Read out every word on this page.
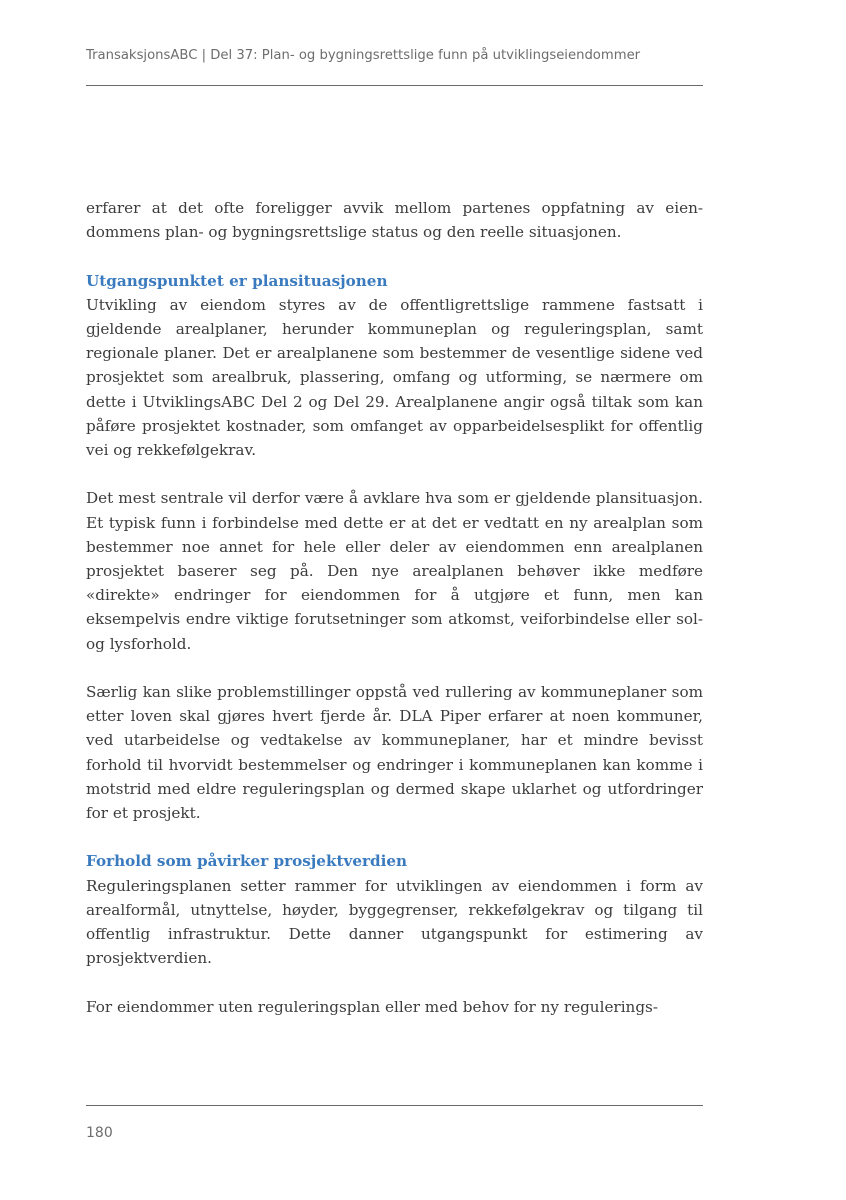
TransaksjonsABC | Del 37: Plan- og bygningsrettslige funn på utviklingseiendommer

erfarer at det ofte foreligger avvik mellom partenes oppfatning av eiendommens plan- og bygningsrettslige status og den reelle situasjonen.

Utgangspunktet er plansituasjonen

Utvikling av eiendom styres av de offentligrettslige rammene fastsatt i gjeldende arealplaner, herunder kommuneplan og reguleringsplan, samt regionale planer. Det er arealplanene som bestemmer de vesentlige sidene ved prosjektet som arealbruk, plassering, omfang og utforming, se nærmere om dette i UtviklingsABC Del 2 og Del 29. Arealplanene angir også tiltak som kan påføre prosjektet kostnader, som omfanget av opparbeidelsesplikt for offentlig vei og rekkefølgekrav.

Det mest sentrale vil derfor være å avklare hva som er gjeldende plansituasjon. Et typisk funn i forbindelse med dette er at det er vedtatt en ny arealplan som bestemmer noe annet for hele eller deler av eiendommen enn arealplanen prosjektet baserer seg på. Den nye arealplanen behøver ikke medføre «direkte» endringer for eiendommen for å utgjøre et funn, men kan eksempelvis endre viktige forutsetninger som atkomst, veiforbindelse eller sol- og lysforhold.

Særlig kan slike problemstillinger oppstå ved rullering av kommuneplaner som etter loven skal gjøres hvert fjerde år. DLA Piper erfarer at noen kommuner, ved utarbeidelse og vedtakelse av kommuneplaner, har et mindre bevisst forhold til hvorvidt bestemmelser og endringer i kommuneplanen kan komme i motstrid med eldre reguleringsplan og dermed skape uklarhet og utfordringer for et prosjekt.

Forhold som påvirker prosjektverdien

Reguleringsplanen setter rammer for utviklingen av eiendommen i form av arealformål, utnyttelse, høyder, byggegrenser, rekkefølgekrav og tilgang til offentlig infrastruktur. Dette danner utgangspunkt for estimering av prosjektverdien.

For eiendommer uten reguleringsplan eller med behov for ny regulerings-

180
